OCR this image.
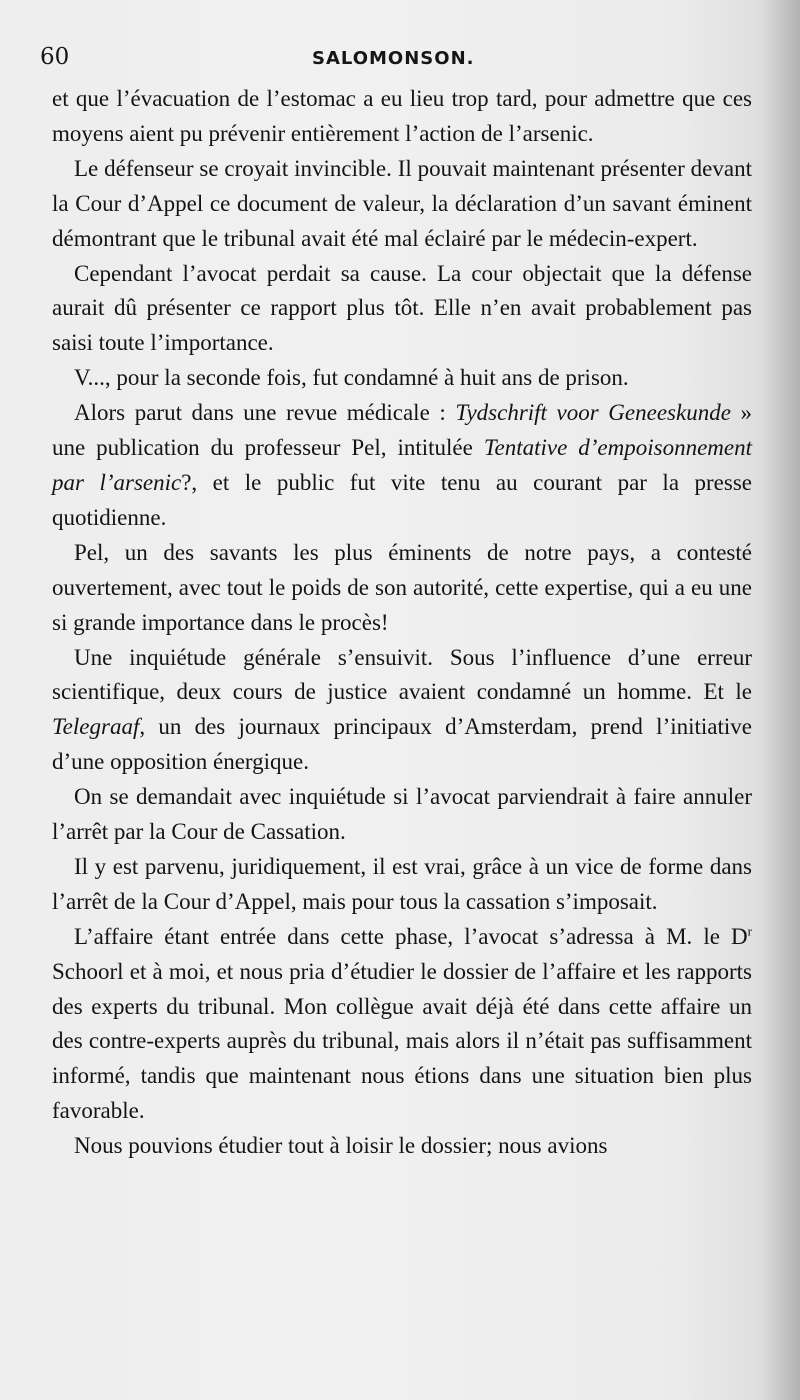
60	SALOMONSON.

et que l’évacuation de l’estomac a eu lieu trop tard, pour admettre que ces moyens aient pu prévenir entièrement l’action de l’arsenic.

Le défenseur se croyait invincible. Il pouvait maintenant présenter devant la Cour d’Appel ce document de valeur, la déclaration d’un savant éminent démontrant que le tribunal avait été mal éclairé par le médecin-expert.

Cependant l’avocat perdait sa cause. La cour objectait que la défense aurait dû présenter ce rapport plus tôt. Elle n’en avait probablement pas saisi toute l’importance.

V..., pour la seconde fois, fut condamné à huit ans de prison.

Alors parut dans une revue médicale : Tydschrift voor Geneeskunde » une publication du professeur Pel, intitulée Tentative d’empoisonnement par l’arsenic?, et le public fut vite tenu au courant par la presse quotidienne.

Pel, un des savants les plus éminents de notre pays, a contesté ouvertement, avec tout le poids de son autorité, cette expertise, qui a eu une si grande importance dans le procès!

Une inquiétude générale s’ensuivit. Sous l’influence d’une erreur scientifique, deux cours de justice avaient condamné un homme. Et le Telegraaf, un des journaux principaux d’Amsterdam, prend l’initiative d’une opposition énergique.

On se demandait avec inquiétude si l’avocat parviendrait à faire annuler l’arrêt par la Cour de Cassation.

Il y est parvenu, juridiquement, il est vrai, grâce à un vice de forme dans l’arrêt de la Cour d’Appel, mais pour tous la cassation s’imposait.

L’affaire étant entrée dans cette phase, l’avocat s’adressa à M. le $D^r$ Schoorl et à moi, et nous pria d’étudier le dossier de l’affaire et les rapports des experts du tribunal. Mon collègue avait déjà été dans cette affaire un des contre-experts auprès du tribunal, mais alors il n’était pas suffisamment informé, tandis que maintenant nous étions dans une situation bien plus favorable.

Nous pouvions étudier tout à loisir le dossier; nous avions
